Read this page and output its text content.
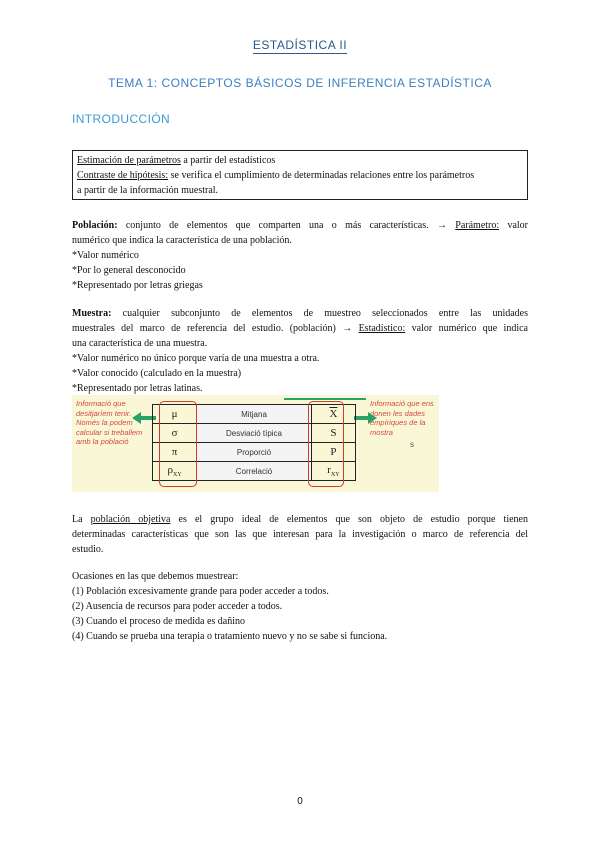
ESTADÍSTICA II
TEMA 1: CONCEPTOS BÁSICOS DE INFERENCIA ESTADÍSTICA
INTRODUCCIÓN
Estimación de parámetros a partir del estadísticos
Contraste de hipótesis: se verifica el cumplimiento de determinadas relaciones entre los parámetros
a partir de la información muestral.
Población: conjunto de elementos que comparten una o más características. → Parámetro: valor
numérico que indica la característica de una población.
*Valor numérico
*Por lo general desconocido
*Representado por letras griegas
Muestra: cualquier subconjunto de elementos de muestreo seleccionados entre las unidades
muestrales del marco de referencia del estudio. (población) → Estadístico: valor numérico que indica
una característica de una muestra.
*Valor numérico no único porque varía de una muestra a otra.
*Valor conocido (calculado en la muestra)
*Representado por letras latinas.
Informació que desitjaríem tenir. Només la podem calcular si treballem amb la població
Informació que ens donen les dades empíriques de la mostra
μ	Mitjana	$\overline{X}$
σ	Desviació típica	S
π	Proporció	P
$\rho_{XY}$	Correlació	$r_{XY}$
s
La población objetiva es el grupo ideal de elementos que son objeto de estudio porque tienen
determinadas características que son las que interesan para la investigación o marco de referencia del
estudio.
Ocasiones en las que debemos muestrear:
(1) Población excesivamente grande para poder acceder a todos.
(2) Ausencia de recursos para poder acceder a todos.
(3) Cuando el proceso de medida es dañino
(4) Cuando se prueba una terapia o tratamiento nuevo y no se sabe si funciona.
0
